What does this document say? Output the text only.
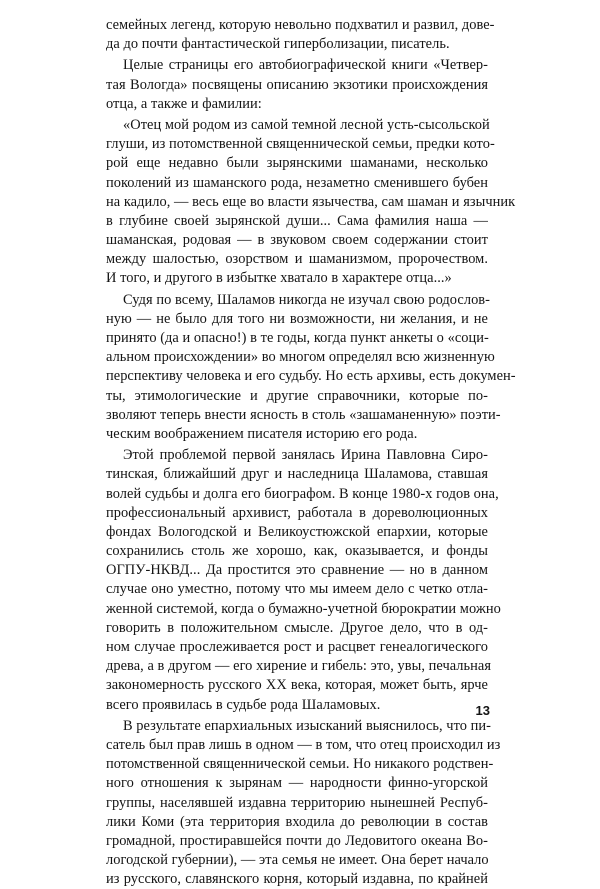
семейных легенд, которую невольно подхватил и развил, дове-
да до почти фантастической гиперболизации, писатель.
Целые страницы его автобиографической книги «Четвер-
тая Вологда» посвящены описанию экзотики происхождения
отца, а также и фамилии:
«Отец мой родом из самой темной лесной усть-сысольской
глуши, из потомственной священнической семьи, предки кото-
рой еще недавно были зырянскими шаманами, несколько
поколений из шаманского рода, незаметно сменившего бубен
на кадило, — весь еще во власти язычества, сам шаман и язычник
в глубине своей зырянской души... Сама фамилия наша —
шаманская, родовая — в звуковом своем содержании стоит
между шалостью, озорством и шаманизмом, пророчеством.
И того, и другого в избытке хватало в характере отца...»
Судя по всему, Шаламов никогда не изучал свою родослов-
ную — не было для того ни возможности, ни желания, и не
принято (да и опасно!) в те годы, когда пункт анкеты о «соци-
альном происхождении» во многом определял всю жизненную
перспективу человека и его судьбу. Но есть архивы, есть докумен-
ты, этимологические и другие справочники, которые по-
зволяют теперь внести ясность в столь «зашаманенную» поэти-
ческим воображением писателя историю его рода.
Этой проблемой первой занялась Ирина Павловна Сиро-
тинская, ближайший друг и наследница Шаламова, ставшая
волей судьбы и долга его биографом. В конце 1980-х годов она,
профессиональный архивист, работала в дореволюционных
фондах Вологодской и Великоустюжской епархии, которые
сохранились столь же хорошо, как, оказывается, и фонды
ОГПУ-НКВД... Да простится это сравнение — но в данном
случае оно уместно, потому что мы имеем дело с четко отла-
женной системой, когда о бумажно-учетной бюрократии можно
говорить в положительном смысле. Другое дело, что в од-
ном случае прослеживается рост и расцвет генеалогического
древа, а в другом — его хирение и гибель: это, увы, печальная
закономерность русского XX века, которая, может быть, ярче
всего проявилась в судьбе рода Шаламовых.
В результате епархиальных изысканий выяснилось, что пи-
сатель был прав лишь в одном — в том, что отец происходил из
потомственной священнической семьи. Но никакого родствен-
ного отношения к зырянам — народности финно-угорской
группы, населявшей издавна территорию нынешней Респуб-
лики Коми (эта территория входила до революции в состав
громадной, простиравшейся почти до Ледовитого океана Во-
логодской губернии), — эта семья не имеет. Она берет начало
из русского, славянского корня, который издавна, по крайней
13
